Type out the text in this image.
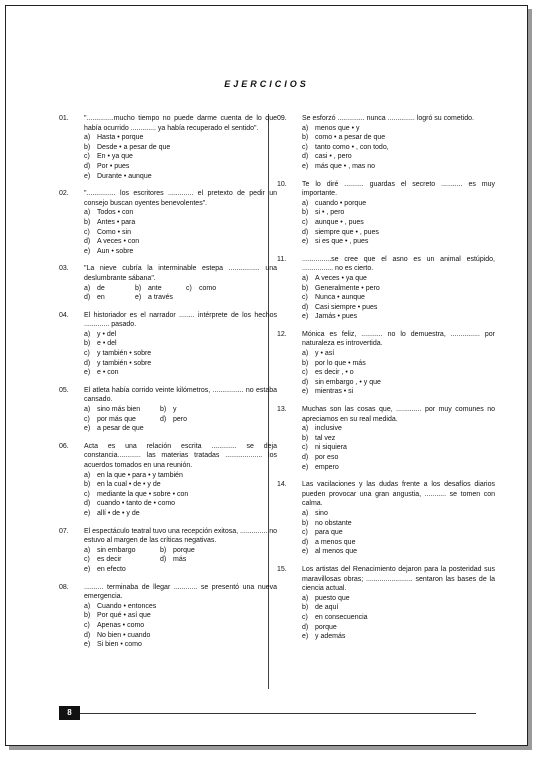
EJERCICIOS
01. "..............mucho tiempo no puede darme cuenta de lo que había ocurrido ............. ya había recuperado el sentido".
a) Hasta • porque
b) Desde • a pesar de que
c) En • ya que
d) Por • pues
e) Durante • aunque
02. "............... los escritores ............. el pretexto de pedir un consejo buscan oyentes benevolentes".
a) Todos • con
b) Antes • para
c) Como • sin
d) A veces • con
e) Aun • sobre
03. "La nieve cubría la interminable estepa ................ una deslumbrante sábana".
a) de	b) ante	c) como
d) en	e) a través
04. El historiador es el narrador ........ intérprete de los hechos ............. pasado.
a) y • del
b) e • del
c) y también • sobre
d) y también • sobre
e) e • con
05. El atleta había corrido veinte kilómetros, ................ no estaba cansado.
a) sino más bien	b) y
c) por más que	d) pero
e) a pesar de que
06. Acta es una relación escrita ............. se deja constancia............ las materias tratadas ................... los acuerdos tomados en una reunión.
a) en la que • para • y también
b) en la cual • de • y de
c) mediante la que • sobre • con
d) cuando • tanto de • como
e) allí • de • y de
07. El espectáculo teatral tuvo una recepción exitosa, .............. no estuvo al margen de las críticas negativas.
a) sin embargo	b) porque
c) es decir	d) más
e) en efecto
08. .......... terminaba de llegar ............ se presentó una nueva emergencia.
a) Cuando • entonces
b) Por qué • así que
c) Apenas • como
d) No bien • cuando
e) Si bien • como
09. Se esforzó .............. nunca .............. logró su cometido.
a) menos que • y
b) como • a pesar de que
c) tanto como • , con todo,
d) casi • , pero
e) más que • , mas no
10. Te lo diré .......... guardas el secreto ........... es muy importante.
a) cuando • porque
b) si • , pero
c) aunque • , pues
d) siempre que • , pues
e) si es que • , pues
11. ...............se cree que el asno es un animal estúpido, ................ no es cierto.
a) A veces • ya que
b) Generalmente • pero
c) Nunca • aunque
d) Casi siempre • pues
e) Jamás • pues
12. Mónica es feliz, ........... no lo demuestra, ............... por naturaleza es introvertida.
a) y • así
b) por lo que • más
c) es decir , • o
d) sin embargo , • y que
e) mientras • si
13. Muchas son las cosas que, ............. por muy comunes no apreciamos en su real medida.
a) inclusive
b) tal vez
c) ni siquiera
d) por eso
e) empero
14. Las vacilaciones y las dudas frente a los desafíos diarios pueden provocar una gran angustia, ........... se tomen con calma.
a) sino
b) no obstante
c) para que
d) a menos que
e) al menos que
15. Los artistas del Renacimiento dejaron para la posteridad sus maravillosas obras; ........................ sentaron las bases de la ciencia actual.
a) puesto que
b) de aquí
c) en consecuencia
d) porque
e) y además
8
